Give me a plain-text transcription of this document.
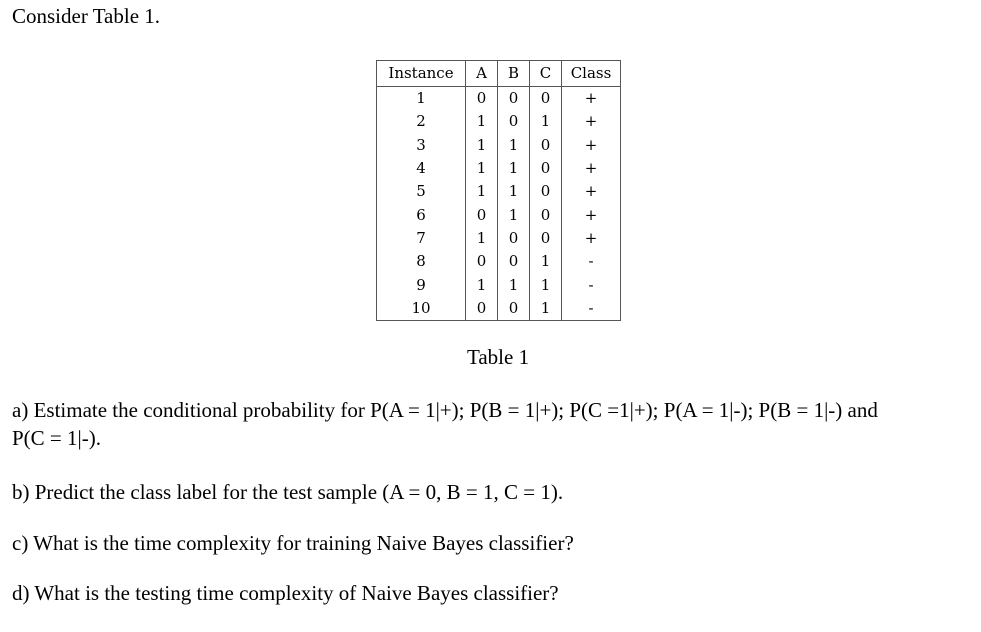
Consider Table 1.

Instance	A	B	C	Class
1	0	0	0	+
2	1	0	1	+
3	1	1	0	+
4	1	1	0	+
5	1	1	0	+
6	0	1	0	+
7	1	0	0	+
8	0	0	1	-
9	1	1	1	-
10	0	0	1	-

Table 1

a) Estimate the conditional probability for P(A = 1|+); P(B = 1|+); P(C =1|+); P(A = 1|-); P(B = 1|-) and

P(C = 1|-).

b) Predict the class label for the test sample (A = 0, B = 1, C = 1).

c) What is the time complexity for training Naive Bayes classifier?

d) What is the testing time complexity of Naive Bayes classifier?
